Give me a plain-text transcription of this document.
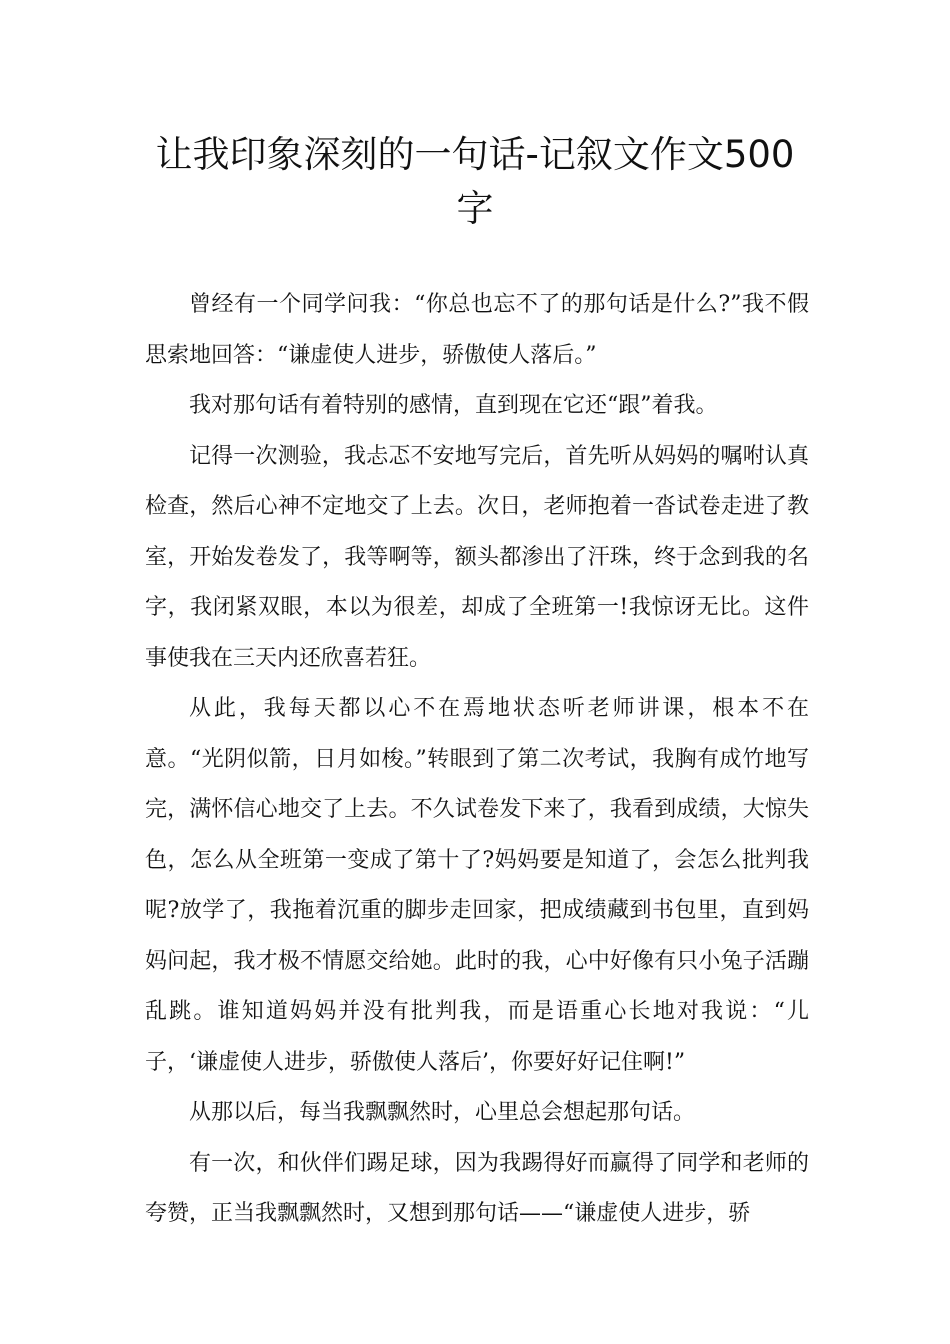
让我印象深刻的一句话-记叙文作文500字

曾经有一个同学问我：“你总也忘不了的那句话是什么?”我不假思索地回答：“谦虚使人进步，骄傲使人落后。”

我对那句话有着特别的感情，直到现在它还“跟”着我。

记得一次测验，我忐忑不安地写完后，首先听从妈妈的嘱咐认真检查，然后心神不定地交了上去。次日，老师抱着一沓试卷走进了教室，开始发卷发了，我等啊等，额头都渗出了汗珠，终于念到我的名字，我闭紧双眼，本以为很差，却成了全班第一!我惊讶无比。这件事使我在三天内还欣喜若狂。

从此，我每天都以心不在焉地状态听老师讲课，根本不在意。“光阴似箭，日月如梭。”转眼到了第二次考试，我胸有成竹地写完，满怀信心地交了上去。不久试卷发下来了，我看到成绩，大惊失色，怎么从全班第一变成了第十了?妈妈要是知道了，会怎么批判我呢?放学了，我拖着沉重的脚步走回家，把成绩藏到书包里，直到妈妈问起，我才极不情愿交给她。此时的我，心中好像有只小兔子活蹦乱跳。谁知道妈妈并没有批判我，而是语重心长地对我说：“儿子，‘谦虚使人进步，骄傲使人落后’，你要好好记住啊!”

从那以后，每当我飘飘然时，心里总会想起那句话。

有一次，和伙伴们踢足球，因为我踢得好而赢得了同学和老师的夸赞，正当我飘飘然时，又想到那句话——“谦虚使人进步，骄
